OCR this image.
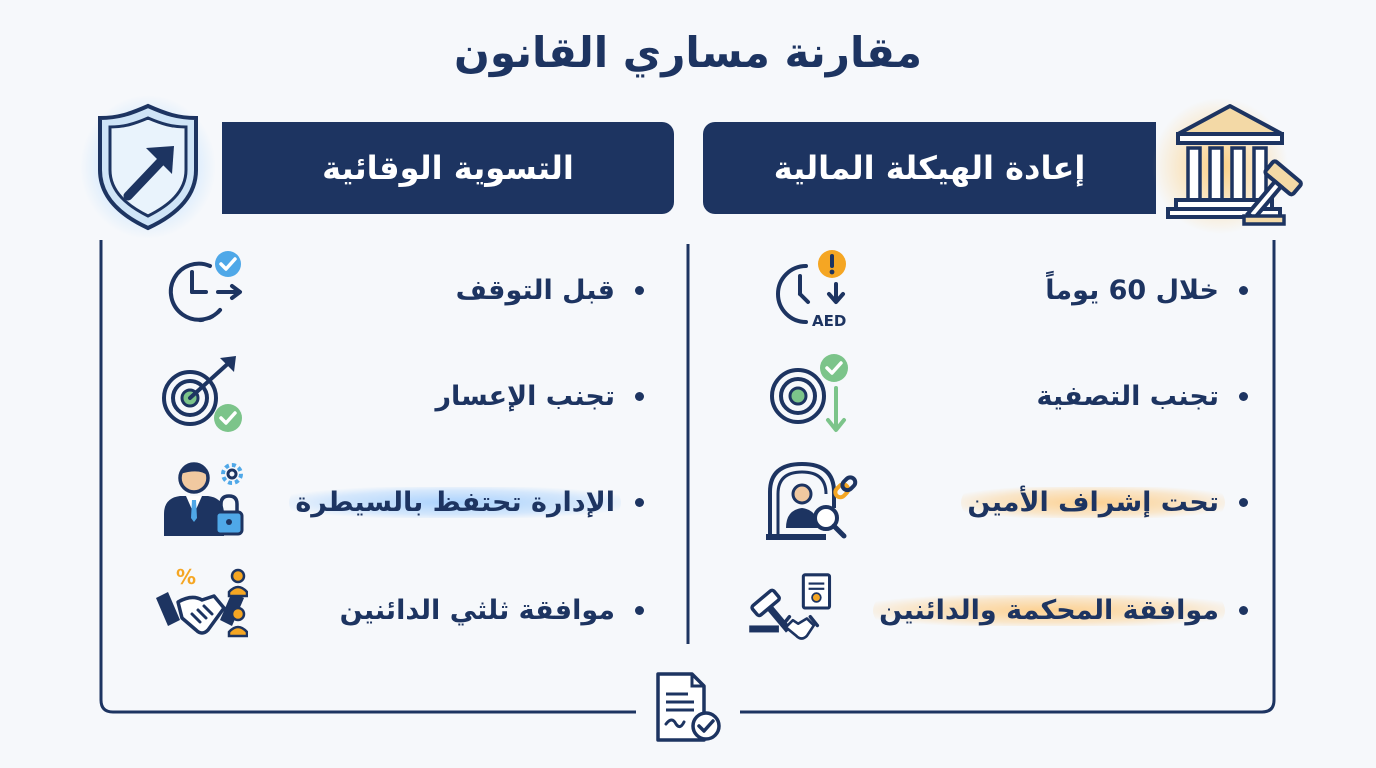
مقارنة مساري القانون
التسوية الوقائية	إعادة الهيكلة المالية
قبل التوقف
تجنب الإعسار
الإدارة تحتفظ بالسيطرة
موافقة ثلثي الدائنين
%
خلال 60 يوماً
تجنب التصفية
تحت إشراف الأمين
موافقة المحكمة والدائنين
AED
